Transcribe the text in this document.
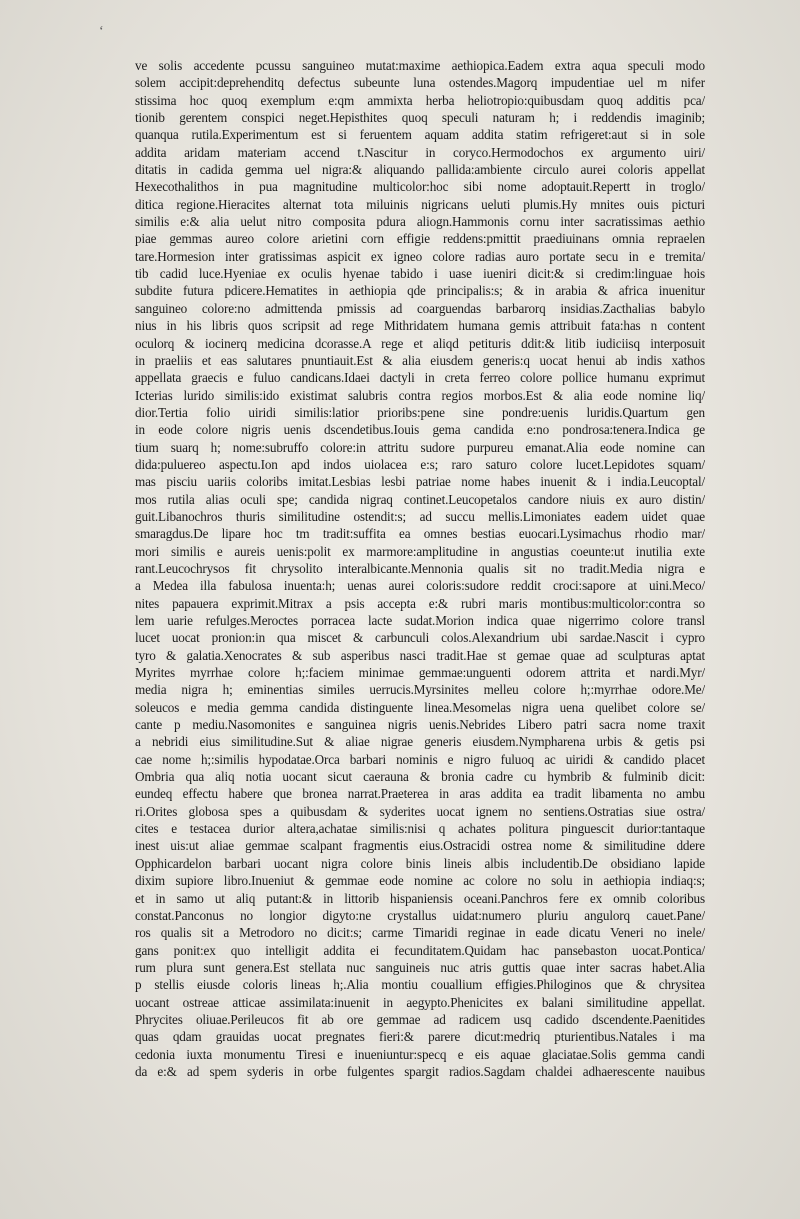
ʻ
ve solis accedente pcussu sanguineo mutat:maxime aethiopica.Eadem extra aqua speculi modo
solem accipit:deprehenditq defectus subeunte luna ostendes.Magorq impudentiae uel m nifer
stissima hoc quoq exemplum e:qm ammixta herba heliotropio:quibusdam quoq additis pca/
tionib gerentem conspici neget.Hepisthites quoq speculi naturam h; i reddendis imaginib;
quanqua rutila.Experimentum est si feruentem aquam addita statim refrigeret:aut si in sole
addita aridam materiam accend t.Nascitur in coryco.Hermodochos ex argumento uiri/
ditatis in cadida gemma uel nigra:& aliquando pallida:ambiente circulo aurei coloris appellat
Hexecothalithos in pua magnitudine multicolor:hoc sibi nome adoptauit.Repertt in troglo/
ditica regione.Hieracites alternat tota miluinis nigricans ueluti plumis.Hy mnites ouis picturi
similis e:& alia uelut nitro composita pdura aliogn.Hammonis cornu inter sacratissimas aethio
piae gemmas aureo colore arietini corn effigie reddens:pmittit praediuinans omnia repraelen
tare.Hormesion inter gratissimas aspicit ex igneo colore radias auro portate secu in e tremita/
tib cadid luce.Hyeniae ex oculis hyenae tabido i uase iueniri dicit:& si credim:linguae hois
subdite futura pdicere.Hematites in aethiopia qde principalis:s; & in arabia & africa inuenitur
sanguineo colore:no admittenda pmissis ad coarguendas barbarorq insidias.Zacthalias babylo
nius in his libris quos scripsit ad rege Mithridatem humana gemis attribuit fata:has n content
oculorq & iocinerq medicina dcorasse.A rege et aliqd petituris ddit:& litib iudiciisq interposuit
in praeliis et eas salutares pnuntiauit.Est & alia eiusdem generis:q uocat henui ab indis xathos
appellata graecis e fuluo candicans.Idaei dactyli in creta ferreo colore pollice humanu exprimut
Icterias lurido similis:ido existimat salubris contra regios morbos.Est & alia eode nomine liq/
dior.Tertia folio uiridi similis:latior prioribs:pene sine pondre:uenis luridis.Quartum gen
in eode colore nigris uenis dscendetibus.Iouis gema candida e:no pondrosa:tenera.Indica ge
tium suarq h; nome:subruffo colore:in attritu sudore purpureu emanat.Alia eode nomine can
dida:puluereo aspectu.Ion apd indos uiolacea e:s; raro saturo colore lucet.Lepidotes squam/
mas pisciu uariis coloribs imitat.Lesbias lesbi patriae nome habes inuenit & i india.Leucoptal/
mos rutila alias oculi spe; candida nigraq continet.Leucopetalos candore niuis ex auro distin/
guit.Libanochros thuris similitudine ostendit:s; ad succu mellis.Limoniates eadem uidet quae
smaragdus.De lipare hoc tm tradit:suffita ea omnes bestias euocari.Lysimachus rhodio mar/
mori similis e aureis uenis:polit ex marmore:amplitudine in angustias coeunte:ut inutilia exte
rant.Leucochrysos fit chrysolito interalbicante.Mennonia qualis sit no tradit.Media nigra e
a Medea illa fabulosa inuenta:h; uenas aurei coloris:sudore reddit croci:sapore at uini.Meco/
nites papauera exprimit.Mitrax a psis accepta e:& rubri maris montibus:multicolor:contra so
lem uarie refulges.Meroctes porracea lacte sudat.Morion indica quae nigerrimo colore transl
lucet uocat pronion:in qua miscet & carbunculi colos.Alexandrium ubi sardae.Nascit i cypro
tyro & galatia.Xenocrates & sub asperibus nasci tradit.Hae st gemae quae ad sculpturas aptat
Myrites myrrhae colore h;:faciem minimae gemmae:unguenti odorem attrita et nardi.Myr/
media nigra h; eminentias similes uerrucis.Myrsinites melleu colore h;:myrrhae odore.Me/
soleucos e media gemma candida distinguente linea.Mesomelas nigra uena quelibet colore se/
cante p mediu.Nasomonites e sanguinea nigris uenis.Nebrides Libero patri sacra nome traxit
a nebridi eius similitudine.Sut & aliae nigrae generis eiusdem.Nympharena urbis & getis psi
cae nome h;:similis hypodatae.Orca barbari nominis e nigro fuluoq ac uiridi & candido placet
Ombria qua aliq notia uocant sicut caerauna & bronia cadre cu hymbrib & fulminib dicit:
eundeq effectu habere que bronea narrat.Praeterea in aras addita ea tradit libamenta no ambu
ri.Orites globosa spes a quibusdam & syderites uocat ignem no sentiens.Ostratias siue ostra/
cites e testacea durior altera,achatae similis:nisi q achates politura pinguescit durior:tantaque
inest uis:ut aliae gemmae scalpant fragmentis eius.Ostracidi ostrea nome & similitudine ddere
Opphicardelon barbari uocant nigra colore binis lineis albis includentib.De obsidiano lapide
dixim supiore libro.Inueniut & gemmae eode nomine ac colore no solu in aethiopia indiaq:s;
et in samo ut aliq putant:& in littorib hispaniensis oceani.Panchros fere ex omnib coloribus
constat.Panconus no longior digyto:ne crystallus uidat:numero pluriu angulorq cauet.Pane/
ros qualis sit a Metrodoro no dicit:s; carme Timaridi reginae in eade dicatu Veneri no inele/
gans ponit:ex quo intelligit addita ei fecunditatem.Quidam hac pansebaston uocat.Pontica/
rum plura sunt genera.Est stellata nuc sanguineis nuc atris guttis quae inter sacras habet.Alia
p stellis eiusde coloris lineas h;.Alia montiu couallium effigies.Philoginos que & chrysitea
uocant ostreae atticae assimilata:inuenit in aegypto.Phenicites ex balani similitudine appellat.
Phrycites oliuae.Perileucos fit ab ore gemmae ad radicem usq cadido dscendente.Paenitides
quas qdam grauidas uocat pregnates fieri:& parere dicut:medriq pturientibus.Natales i ma
cedonia iuxta monumentu Tiresi e inueniuntur:specq e eis aquae glaciatae.Solis gemma candi
da e:& ad spem syderis in orbe fulgentes spargit radios.Sagdam chaldei adhaerescente nauibus
